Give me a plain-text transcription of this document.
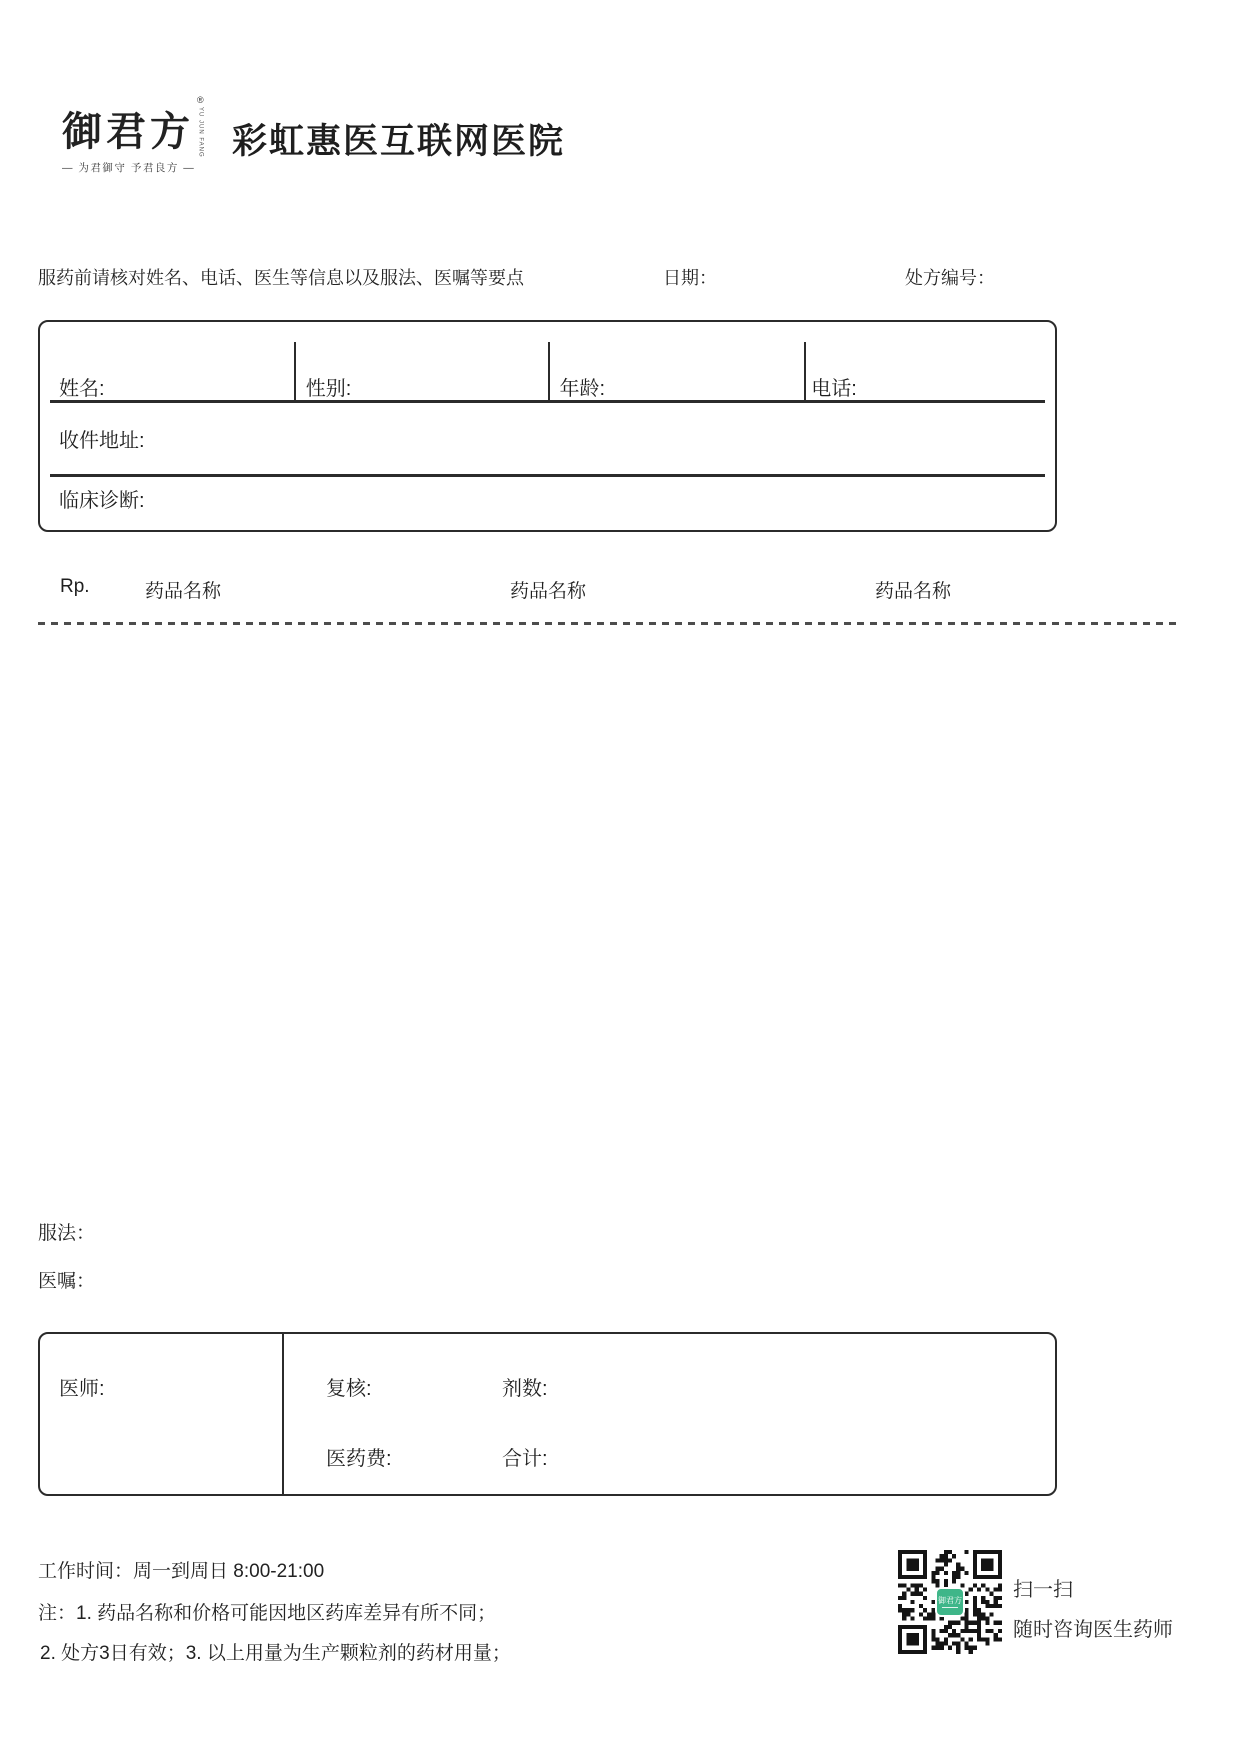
御君方
®
YU JUN FANG
— 为君御守 予君良方 —
彩虹惠医互联网医院
服药前请核对姓名、电话、医生等信息以及服法、医嘱等要点	日期：	处方编号：
姓名:	性别:	年龄:	电话:
收件地址:
临床诊断:
Rp.	药品名称	药品名称	药品名称
服法：
医嘱：
医师:	复核:	剂数:
医药费:	合计:
工作时间：周一到周日 8:00-21:00
注：1. 药品名称和价格可能因地区药库差异有所不同；
2. 处方3日有效；3. 以上用量为生产颗粒剂的药材用量；
御君方	扫一扫
随时咨询医生药师
